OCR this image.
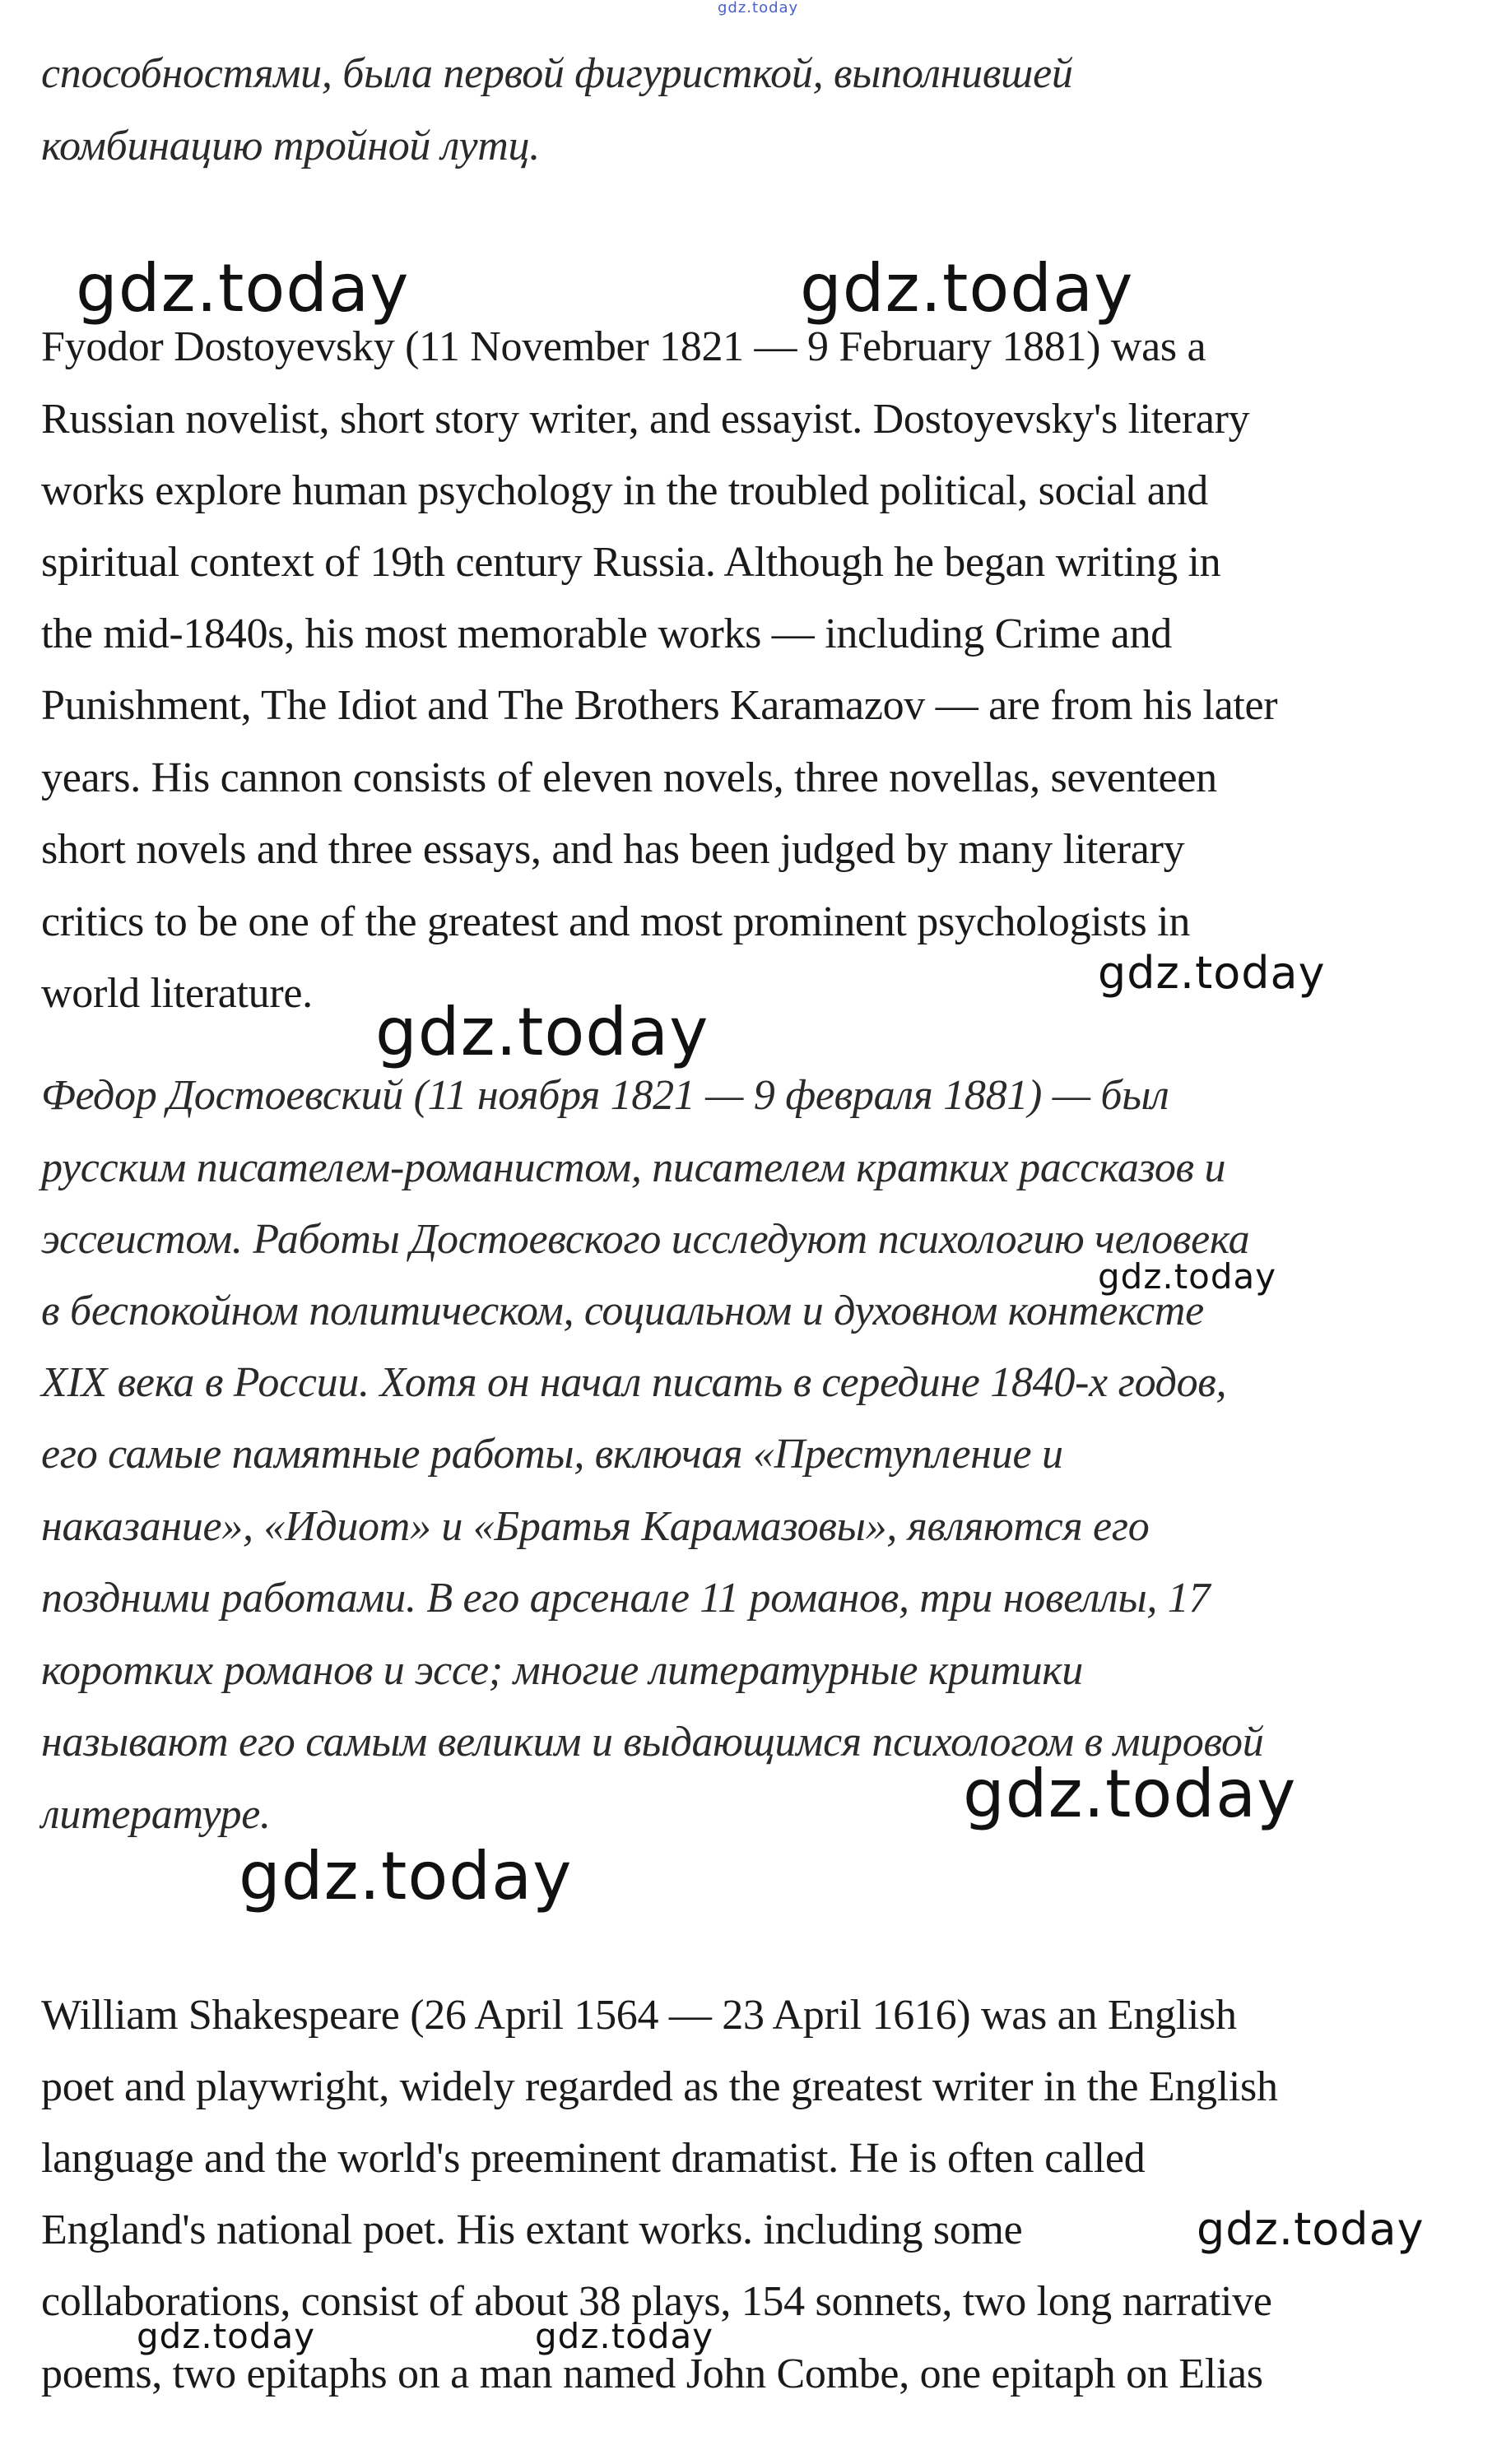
gdz.today
способностями, была первой фигуристкой, выполнившей
комбинацию тройной лутц.
gdz.today	gdz.today
Fyodor Dostoyevsky (11 November 1821 — 9 February 1881) was a
Russian novelist, short story writer, and essayist. Dostoyevsky's literary
works explore human psychology in the troubled political, social and
spiritual context of 19th century Russia. Although he began writing in
the mid-1840s, his most memorable works — including Crime and
Punishment, The Idiot and The Brothers Karamazov — are from his later
years. His cannon consists of eleven novels, three novellas, seventeen
short novels and three essays, and has been judged by many literary
critics to be one of the greatest and most prominent psychologists in
world literature.	gdz.today
gdz.today
Федор Достоевский (11 ноября 1821 — 9 февраля 1881) — был
русским писателем-романистом, писателем кратких рассказов и
эссеистом. Работы Достоевского исследуют психологию человека
gdz.today
в беспокойном политическом, социальном и духовном контексте
XIX века в России. Хотя он начал писать в середине 1840-х годов,
его самые памятные работы, включая «Преступление и
наказание», «Идиот» и «Братья Карамазовы», являются его
поздними работами. В его арсенале 11 романов, три новеллы, 17
коротких романов и эссе; многие литературные критики
называют его самым великим и выдающимся психологом в мировой
gdz.today
литературе.
gdz.today
William Shakespeare (26 April 1564 — 23 April 1616) was an English
poet and playwright, widely regarded as the greatest writer in the English
language and the world's preeminent dramatist. He is often called
England's national poet. His extant works. including some	gdz.today
collaborations, consist of about 38 plays, 154 sonnets, two long narrative
gdz.today	gdz.today
poems, two epitaphs on a man named John Combe, one epitaph on Elias
